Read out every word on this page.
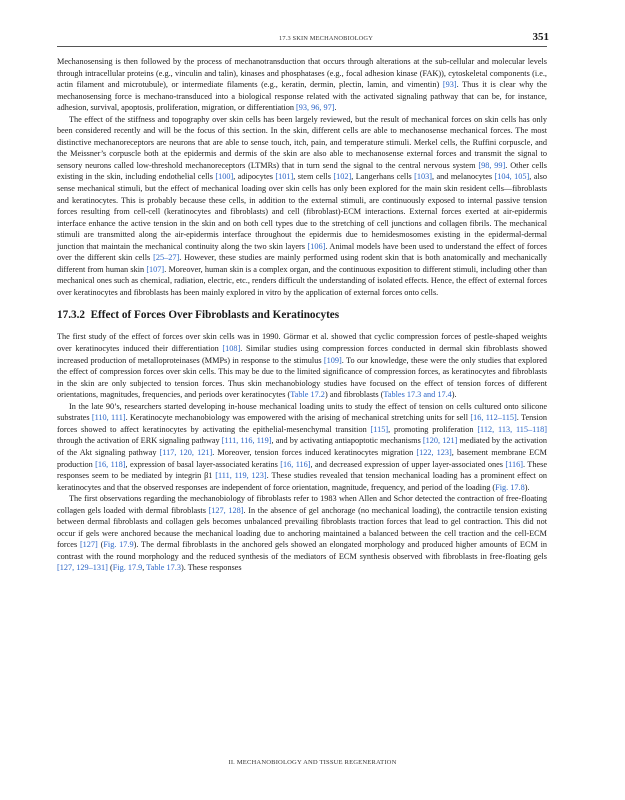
17.3 SKIN MECHANOBIOLOGY	351

Mechanosensing is then followed by the process of mechanotransduction that occurs through alterations at the sub-cellular and molecular levels through intracellular proteins (e.g., vinculin and talin), kinases and phosphatases (e.g., focal adhesion kinase (FAK)), cytoskeletal components (i.e., actin filament and microtubule), or intermediate filaments (e.g., keratin, dermin, plectin, lamin, and vimentin) [93]. Thus it is clear why the mechanosensing force is mechano-transduced into a biological response related with the activated signaling pathway that can be, for instance, adhesion, survival, apoptosis, proliferation, migration, or differentiation [93, 96, 97].

The effect of the stiffness and topography over skin cells has been largely reviewed, but the result of mechanical forces on skin cells has only been considered recently and will be the focus of this section. In the skin, different cells are able to mechanosense mechanical forces. The most distinctive mechanoreceptors are neurons that are able to sense touch, itch, pain, and temperature stimuli. Merkel cells, the Ruffini corpuscle, and the Meissner’s corpuscle both at the epidermis and dermis of the skin are also able to mechanosense external forces and transmit the signal to sensory neurons called low-threshold mechanoreceptors (LTMRs) that in turn send the signal to the central nervous system [98, 99]. Other cells existing in the skin, including endothelial cells [100], adipocytes [101], stem cells [102], Langerhans cells [103], and melanocytes [104, 105], also sense mechanical stimuli, but the effect of mechanical loading over skin cells has only been explored for the main skin resident cells—fibroblasts and keratinocytes. This is probably because these cells, in addition to the external stimuli, are continuously exposed to internal passive tension forces resulting from cell-cell (keratinocytes and fibroblasts) and cell (fibroblast)-ECM interactions. External forces exerted at air-epidermis interface enhance the active tension in the skin and on both cell types due to the stretching of cell junctions and collagen fibrils. The mechanical stimuli are transmitted along the air-epidermis interface throughout the epidermis due to hemidesmosomes existing in the epidermal-dermal junction that maintain the mechanical continuity along the two skin layers [106]. Animal models have been used to understand the effect of forces over the different skin cells [25–27]. However, these studies are mainly performed using rodent skin that is both anatomically and mechanically different from human skin [107]. Moreover, human skin is a complex organ, and the continuous exposition to different stimuli, including other than mechanical ones such as chemical, radiation, electric, etc., renders difficult the understanding of isolated effects. Hence, the effect of external forces over keratinocytes and fibroblasts has been mainly explored in vitro by the application of external forces onto cells.

17.3.2 Effect of Forces Over Fibroblasts and Keratinocytes

The first study of the effect of forces over skin cells was in 1990. Görmar et al. showed that cyclic compression forces of pestle-shaped weights over keratinocytes induced their differentiation [108]. Similar studies using compression forces conducted in dermal skin fibroblasts showed increased production of metalloproteinases (MMPs) in response to the stimulus [109]. To our knowledge, these were the only studies that explored the effect of compression forces over skin cells. This may be due to the limited significance of compression forces, as keratinocytes and fibroblasts in the skin are only subjected to tension forces. Thus skin mechanobiology studies have focused on the effect of tension forces of different orientations, magnitudes, frequencies, and periods over keratinocytes (Table 17.2) and fibroblasts (Tables 17.3 and 17.4).

In the late 90’s, researchers started developing in-house mechanical loading units to study the effect of tension on cells cultured onto silicone substrates [110, 111]. Keratinocyte mechanobiology was empowered with the arising of mechanical stretching units for sell [16, 112–115]. Tension forces showed to affect keratinocytes by activating the epithelial-mesenchymal transition [115], promoting proliferation [112, 113, 115–118] through the activation of ERK signaling pathway [111, 116, 119], and by activating antiapoptotic mechanisms [120, 121] mediated by the activation of the Akt signaling pathway [117, 120, 121]. Moreover, tension forces induced keratinocytes migration [122, 123], basement membrane ECM production [16, 118], expression of basal layer-associated keratins [16, 116], and decreased expression of upper layer-associated ones [116]. These responses seem to be mediated by integrin β1 [111, 119, 123]. These studies revealed that tension mechanical loading has a prominent effect on keratinocytes and that the observed responses are independent of force orientation, magnitude, frequency, and period of the loading (Fig. 17.8).

The first observations regarding the mechanobiology of fibroblasts refer to 1983 when Allen and Schor detected the contraction of free-floating collagen gels loaded with dermal fibroblasts [127, 128]. In the absence of gel anchorage (no mechanical loading), the contractile tension existing between dermal fibroblasts and collagen gels becomes unbalanced prevailing fibroblasts traction forces that lead to gel contraction. This did not occur if gels were anchored because the mechanical loading due to anchoring maintained a balanced between the cell traction and the cell-ECM forces [127] (Fig. 17.9). The dermal fibroblasts in the anchored gels showed an elongated morphology and produced higher amounts of ECM in contrast with the round morphology and the reduced synthesis of the mediators of ECM synthesis observed with fibroblasts in free-floating gels [127, 129–131] (Fig. 17.9, Table 17.3). These responses

II. MECHANOBIOLOGY AND TISSUE REGENERATION
